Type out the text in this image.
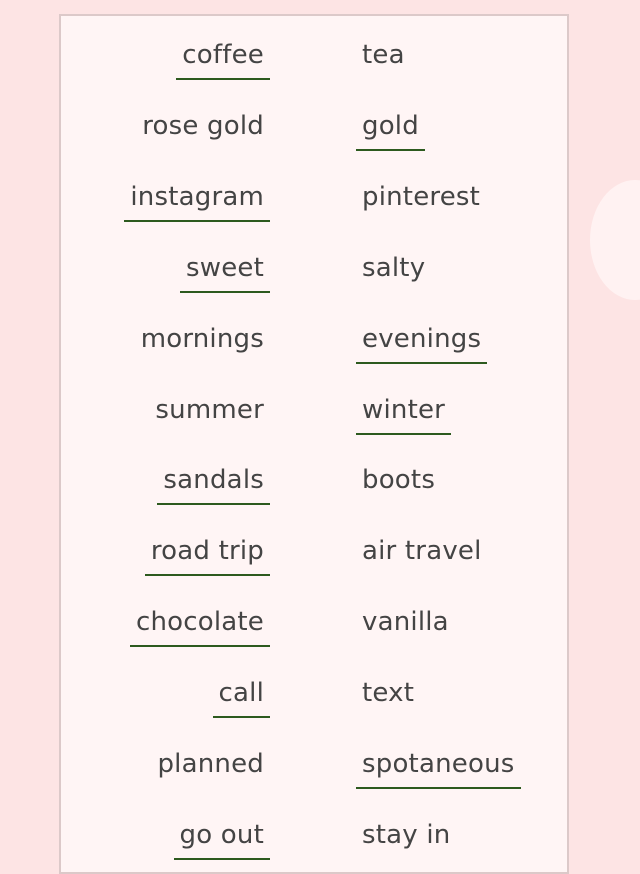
coffee	tea
rose gold	gold
instagram	pinterest
sweet	salty
mornings	evenings
summer	winter
sandals	boots
road trip	air travel
chocolate	vanilla
call	text
planned	spotaneous
go out	stay in
